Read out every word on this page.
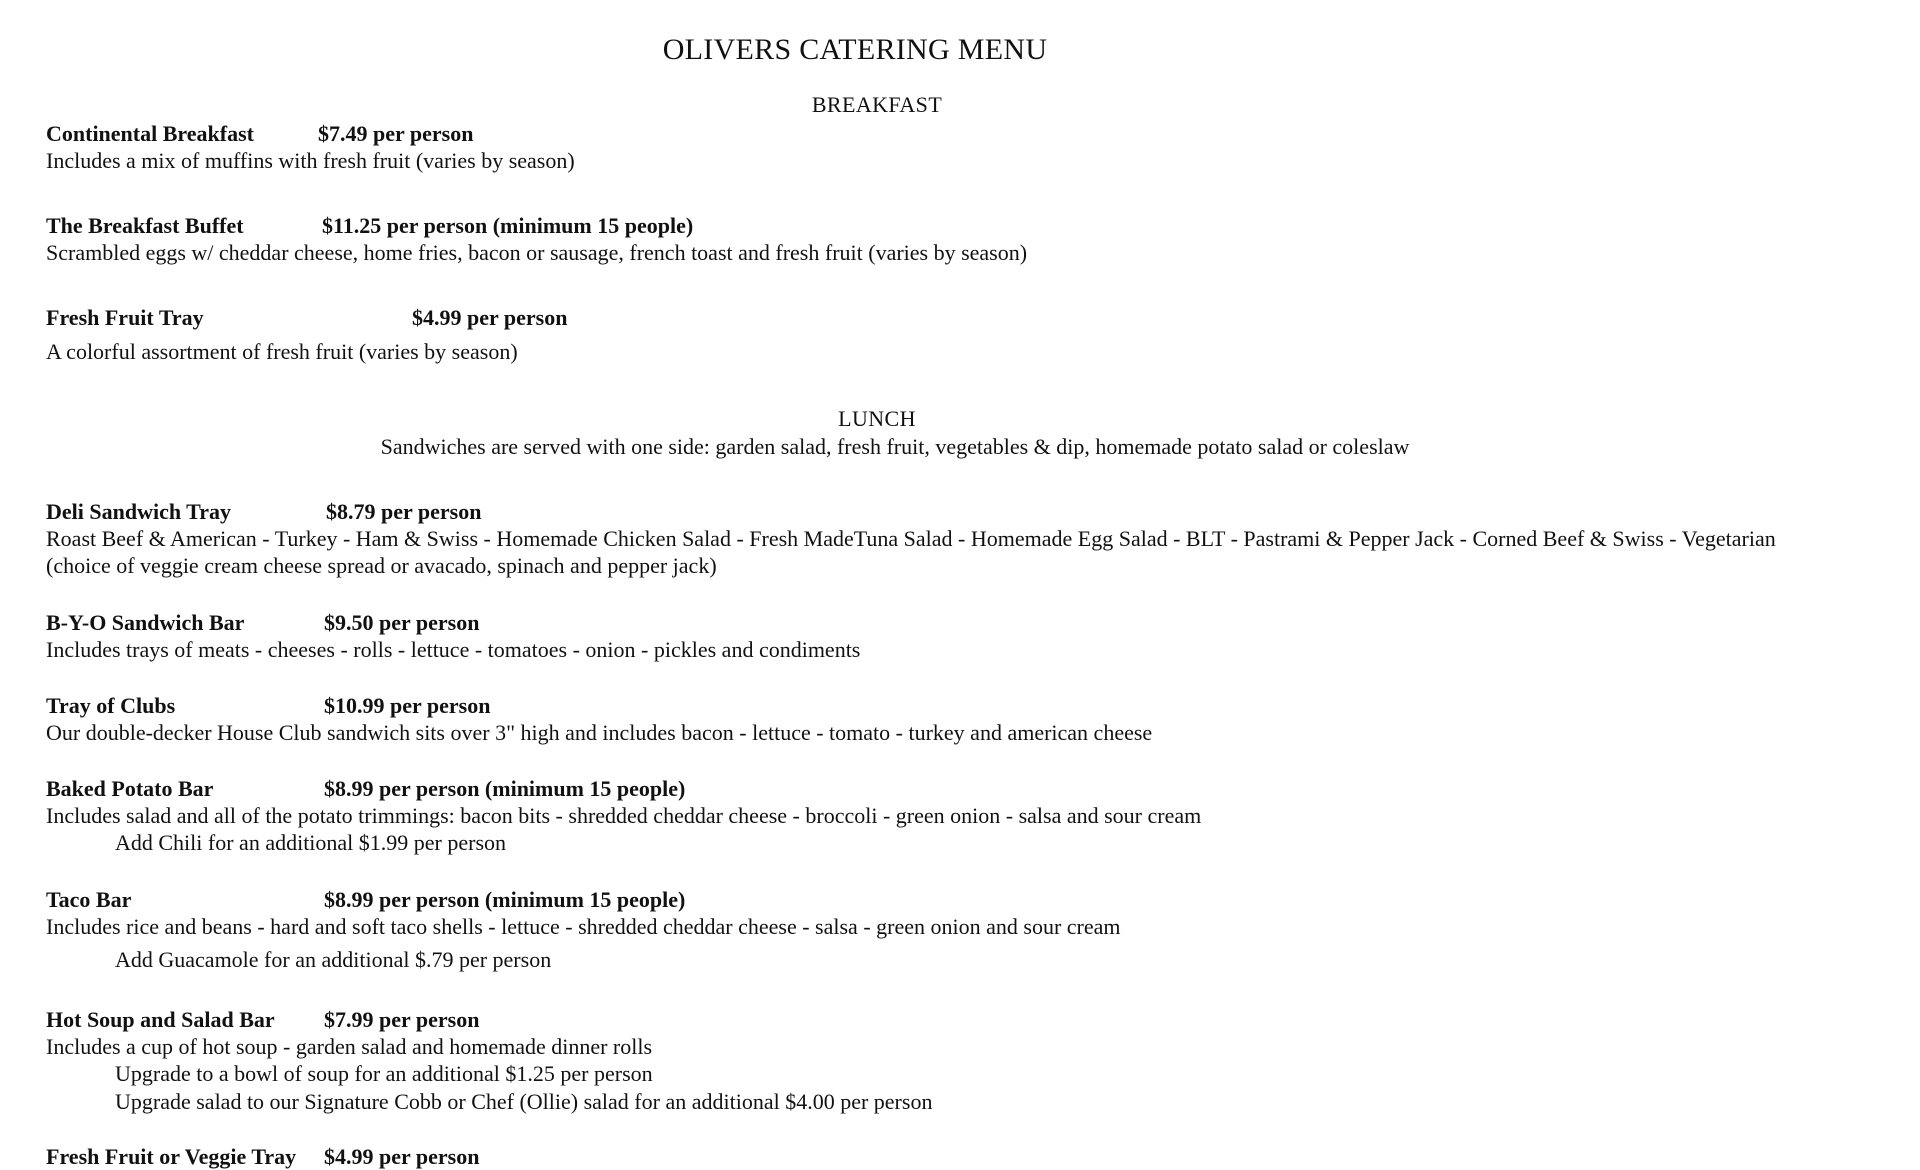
OLIVERS CATERING MENU
BREAKFAST
Continental Breakfast	$7.49 per person
Includes a mix of muffins with fresh fruit (varies by season)
The Breakfast Buffet	$11.25 per person (minimum 15 people)
Scrambled eggs w/ cheddar cheese, home fries, bacon or sausage, french toast and fresh fruit (varies by season)
Fresh Fruit Tray	$4.99 per person
A colorful assortment of fresh fruit (varies by season)
LUNCH
Sandwiches are served with one side: garden salad, fresh fruit, vegetables & dip, homemade potato salad or coleslaw
Deli Sandwich Tray	$8.79 per person
Roast Beef & American - Turkey - Ham & Swiss - Homemade Chicken Salad - Fresh MadeTuna Salad - Homemade Egg Salad - BLT - Pastrami & Pepper Jack - Corned Beef & Swiss - Vegetarian
(choice of veggie cream cheese spread or avacado, spinach and pepper jack)
B-Y-O Sandwich Bar	$9.50 per person
Includes trays of meats - cheeses - rolls - lettuce - tomatoes - onion - pickles and condiments
Tray of Clubs	$10.99 per person
Our double-decker House Club sandwich sits over 3" high and includes bacon - lettuce - tomato - turkey and american cheese
Baked Potato Bar	$8.99 per person (minimum 15 people)
Includes salad and all of the potato trimmings: bacon bits - shredded cheddar cheese - broccoli - green onion - salsa and sour cream
Add Chili for an additional $1.99 per person
Taco Bar	$8.99 per person (minimum 15 people)
Includes rice and beans - hard and soft taco shells - lettuce - shredded cheddar cheese - salsa - green onion and sour cream
Add Guacamole for an additional $.79 per person
Hot Soup and Salad Bar $7.99 per person
Includes a cup of hot soup - garden salad and homemade dinner rolls
Upgrade to a bowl of soup for an additional $1.25 per person
Upgrade salad to our Signature Cobb or Chef (Ollie) salad for an additional $4.00 per person
Fresh Fruit or Veggie Tray $4.99 per person
